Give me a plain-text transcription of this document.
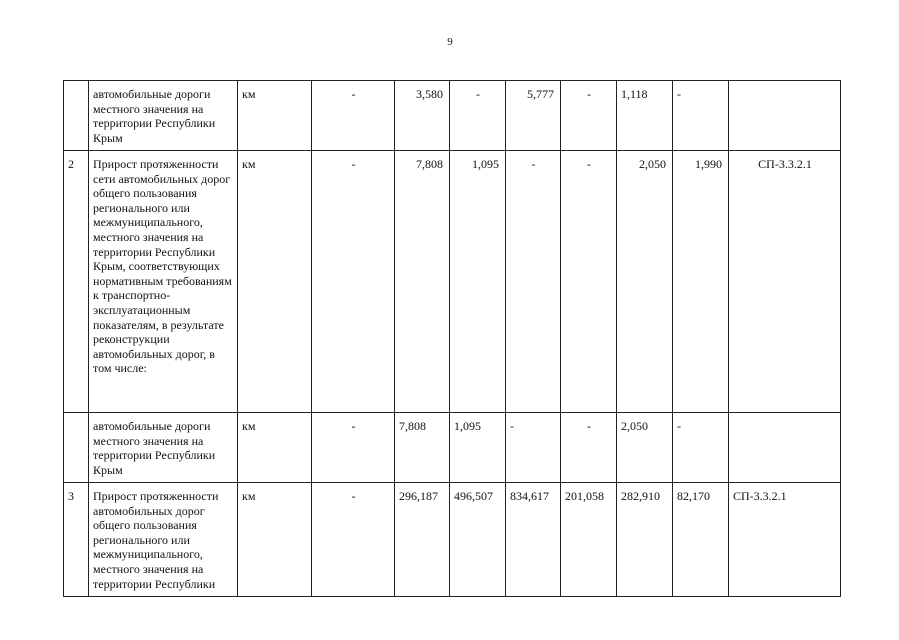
9
	автомобильные дороги местного значения на территории Республики Крым	км	-	3,580	-	5,777	-	1,118	-	
2	Прирост протяженности сети автомобильных дорог общего пользования регионального или межмуниципального, местного значения на территории Республики Крым, соответствующих нормативным требованиям к транспортно-эксплуатационным показателям, в результате реконструкции автомобильных дорог, в том числе:	км	-	7,808	1,095	-	-	2,050	1,990	СП-3.3.2.1
	автомобильные дороги местного значения на территории Республики Крым	км	-	7,808	1,095	-	-	2,050	-	
3	Прирост протяженности автомобильных дорог общего пользования регионального или межмуниципального, местного значения на территории Республики	км	-	296,187	496,507	834,617	201,058	282,910	82,170	СП-3.3.2.1
